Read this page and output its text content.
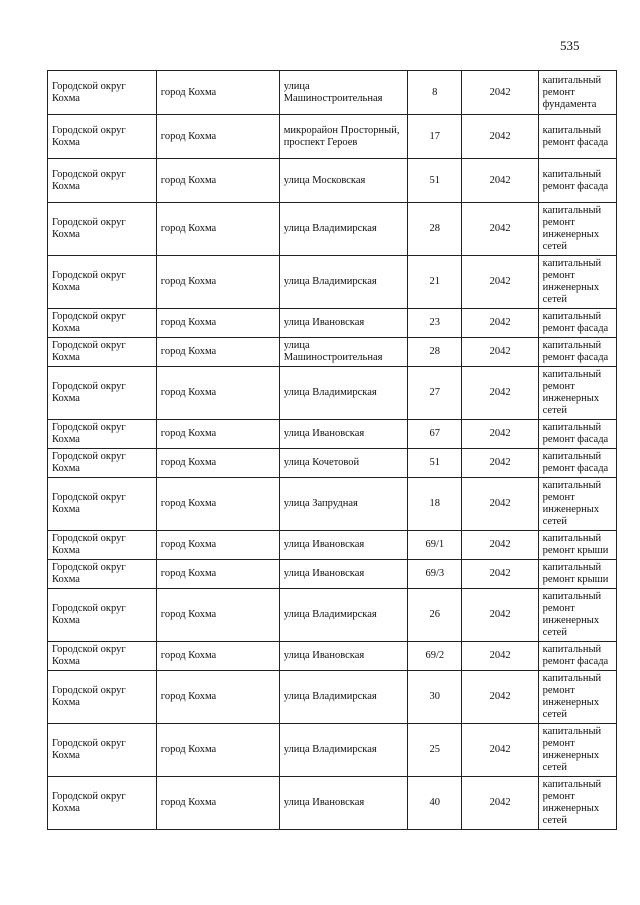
535
Городской округ Кохма	город Кохма	улица Машиностроительная	8	2042	капитальный ремонт фундамента
Городской округ Кохма	город Кохма	микрорайон Просторный, проспект Героев	17	2042	капитальный ремонт фасада
Городской округ Кохма	город Кохма	улица Московская	51	2042	капитальный ремонт фасада
Городской округ Кохма	город Кохма	улица Владимирская	28	2042	капитальный ремонт инженерных сетей
Городской округ Кохма	город Кохма	улица Владимирская	21	2042	капитальный ремонт инженерных сетей
Городской округ Кохма	город Кохма	улица Ивановская	23	2042	капитальный ремонт фасада
Городской округ Кохма	город Кохма	улица Машиностроительная	28	2042	капитальный ремонт фасада
Городской округ Кохма	город Кохма	улица Владимирская	27	2042	капитальный ремонт инженерных сетей
Городской округ Кохма	город Кохма	улица Ивановская	67	2042	капитальный ремонт фасада
Городской округ Кохма	город Кохма	улица Кочетовой	51	2042	капитальный ремонт фасада
Городской округ Кохма	город Кохма	улица Запрудная	18	2042	капитальный ремонт инженерных сетей
Городской округ Кохма	город Кохма	улица Ивановская	69/1	2042	капитальный ремонт крыши
Городской округ Кохма	город Кохма	улица Ивановская	69/3	2042	капитальный ремонт крыши
Городской округ Кохма	город Кохма	улица Владимирская	26	2042	капитальный ремонт инженерных сетей
Городской округ Кохма	город Кохма	улица Ивановская	69/2	2042	капитальный ремонт фасада
Городской округ Кохма	город Кохма	улица Владимирская	30	2042	капитальный ремонт инженерных сетей
Городской округ Кохма	город Кохма	улица Владимирская	25	2042	капитальный ремонт инженерных сетей
Городской округ Кохма	город Кохма	улица Ивановская	40	2042	капитальный ремонт инженерных сетей
